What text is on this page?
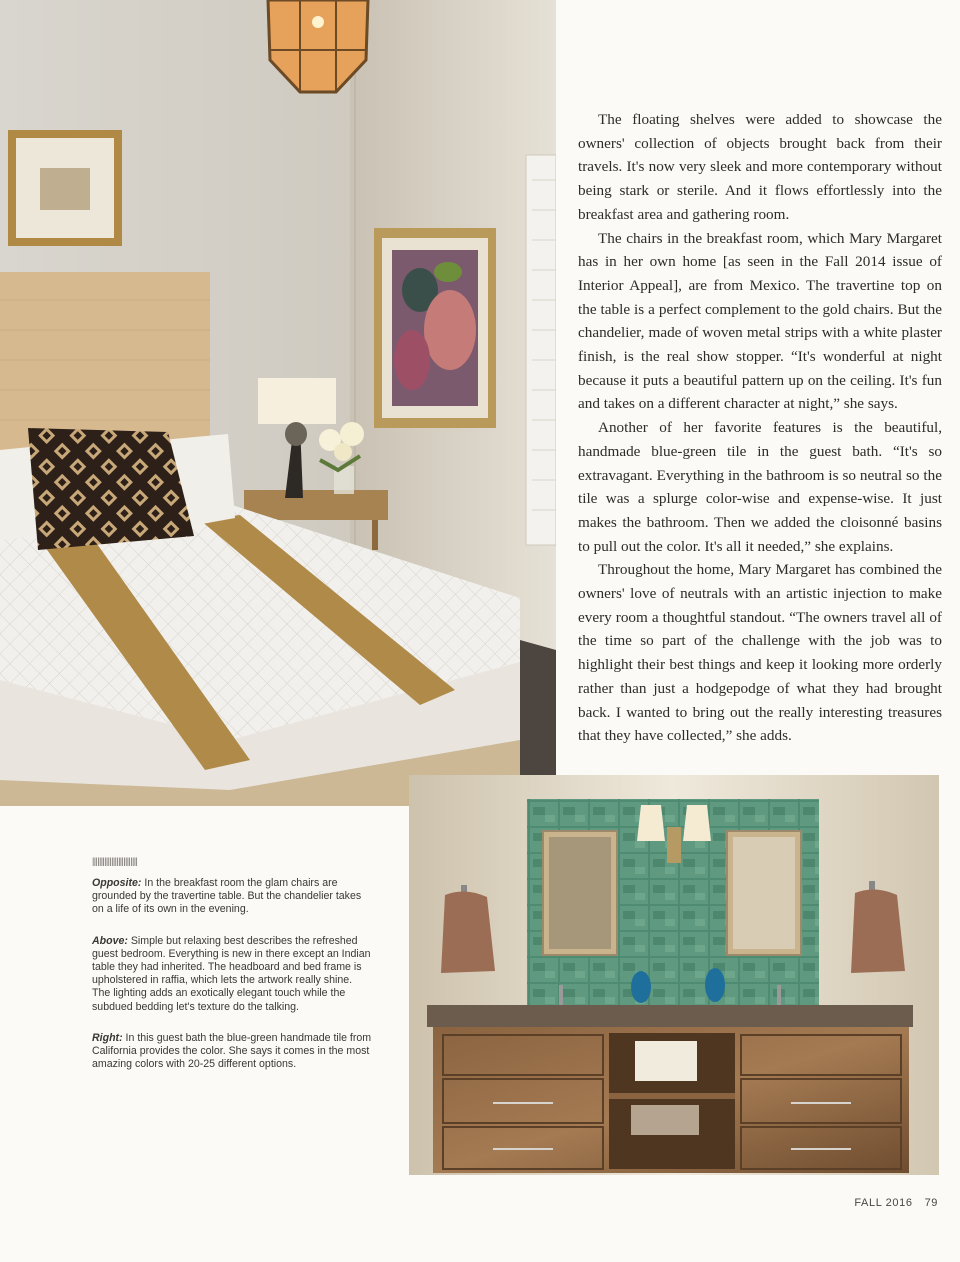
The floating shelves were added to showcase the owners' collection of objects brought back from their travels. It's now very sleek and more contemporary without being stark or sterile. And it flows effortlessly into the breakfast area and gathering room.

The chairs in the breakfast room, which Mary Margaret has in her own home [as seen in the Fall 2014 issue of Interior Appeal], are from Mexico. The travertine top on the table is a perfect complement to the gold chairs. But the chandelier, made of woven metal strips with a white plaster finish, is the real show stopper. “It's wonderful at night because it puts a beautiful pattern up on the ceiling. It's fun and takes on a different character at night,” she says.

Another of her favorite features is the beautiful, handmade blue-green tile in the guest bath. “It's so extravagant. Everything in the bathroom is so neutral so the tile was a splurge color-wise and expense-wise. It just makes the bathroom. Then we added the cloisonné basins to pull out the color. It's all it needed,” she explains.

Throughout the home, Mary Margaret has combined the owners' love of neutrals with an artistic injection to make every room a thoughtful standout. “The owners travel all of the time so part of the challenge with the job was to highlight their best things and keep it looking more orderly rather than just a hodgepodge of what they had brought back. I wanted to bring out the really interesting treasures that they have collected,” she adds.

||||||||||||||||||||||||||

Opposite: In the breakfast room the glam chairs are grounded by the travertine table. But the chandelier takes on a life of its own in the evening.

Above: Simple but relaxing best describes the refreshed guest bedroom. Everything is new in there except an Indian table they had inherited. The headboard and bed frame is upholstered in raffia, which lets the artwork really shine. The lighting adds an exotically elegant touch while the subdued bedding let's texture do the talking.

Right: In this guest bath the blue-green handmade tile from California provides the color. She says it comes in the most amazing colors with 20-25 different options.

FALL 2016 79
